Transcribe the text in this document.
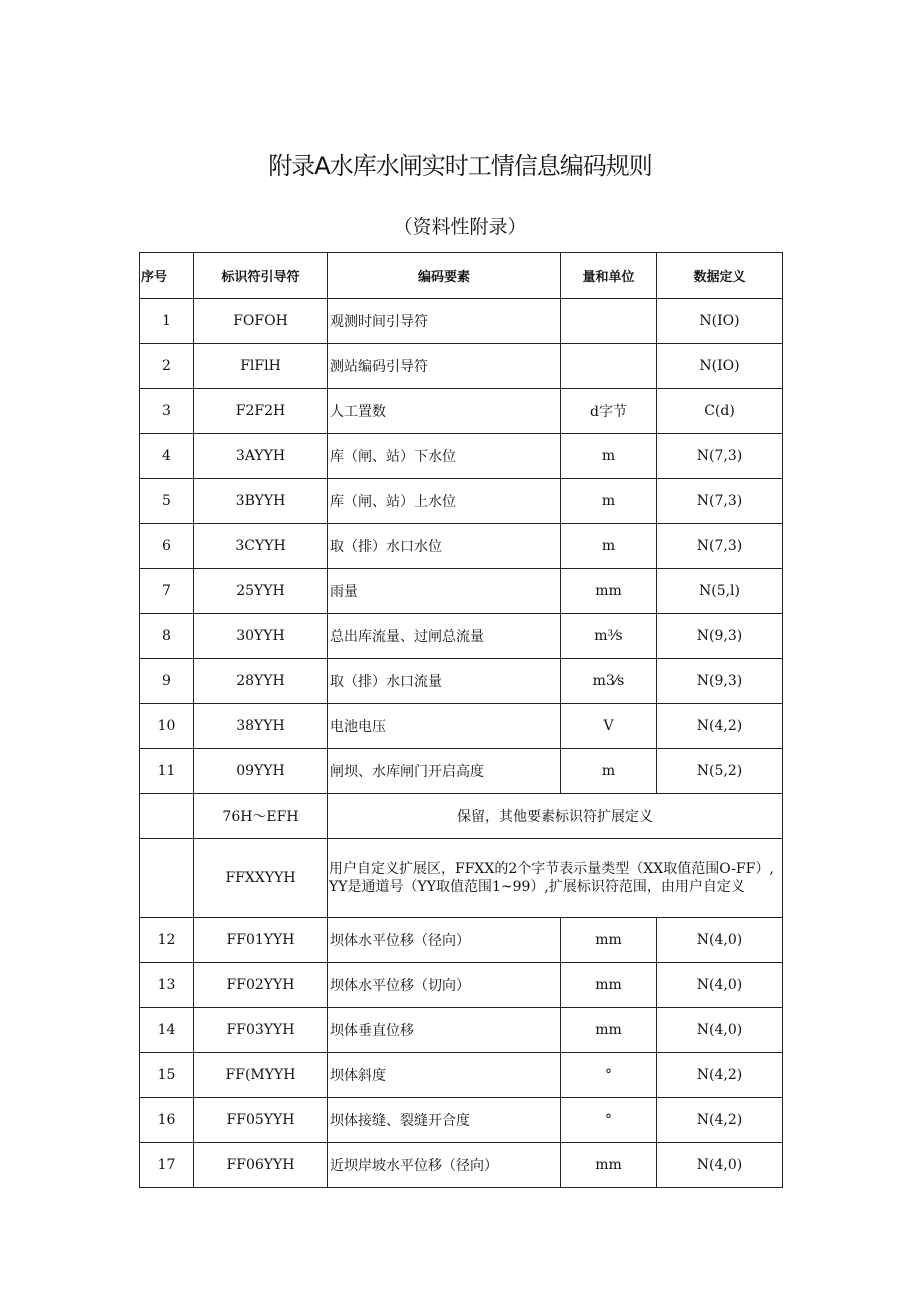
附录A水库水闸实时工情信息编码规则
（资料性附录）
序号	标识符引导符	编码要素	量和单位	数据定义
1	FOFOH	观测时间引导符		N(IO)
2	FlFlH	测站编码引导符		N(IO)
3	F2F2H	人工置数	d字节	C(d)
4	3AYYH	库（闸、站）下水位	m	N(7,3)
5	3BYYH	库（闸、站）上水位	m	N(7,3)
6	3CYYH	取（排）水口水位	m	N(7,3)
7	25YYH	雨量	mm	N(5,l)
8	30YYH	总出库流量、过闸总流量	m³⁄s	N(9,3)
9	28YYH	取（排）水口流量	m3⁄s	N(9,3)
10	38YYH	电池电压	V	N(4,2)
11	09YYH	闸坝、水库闸门开启高度	m	N(5,2)
	76H～EFH	保留，其他要素标识符扩展定义		
	FFXXYYH	用户自定义扩展区，FFXX的2个字节表示量类型（XX取值范围O-FF）,
YY是通道号（YY取值范围1~99）,扩展标识符范围，由用户自定义		

12	FF01YYH	坝体水平位移（径向）	mm	N(4,0)
13	FF02YYH	坝体水平位移（切向）	mm	N(4,0)
14	FF03YYH	坝体垂直位移	mm	N(4,0)
15	FF(MYYH	坝体斜度	°	N(4,2)
16	FF05YYH	坝体接缝、裂缝开合度	°	N(4,2)
17	FF06YYH	近坝岸坡水平位移（径向）	mm	N(4,0)
